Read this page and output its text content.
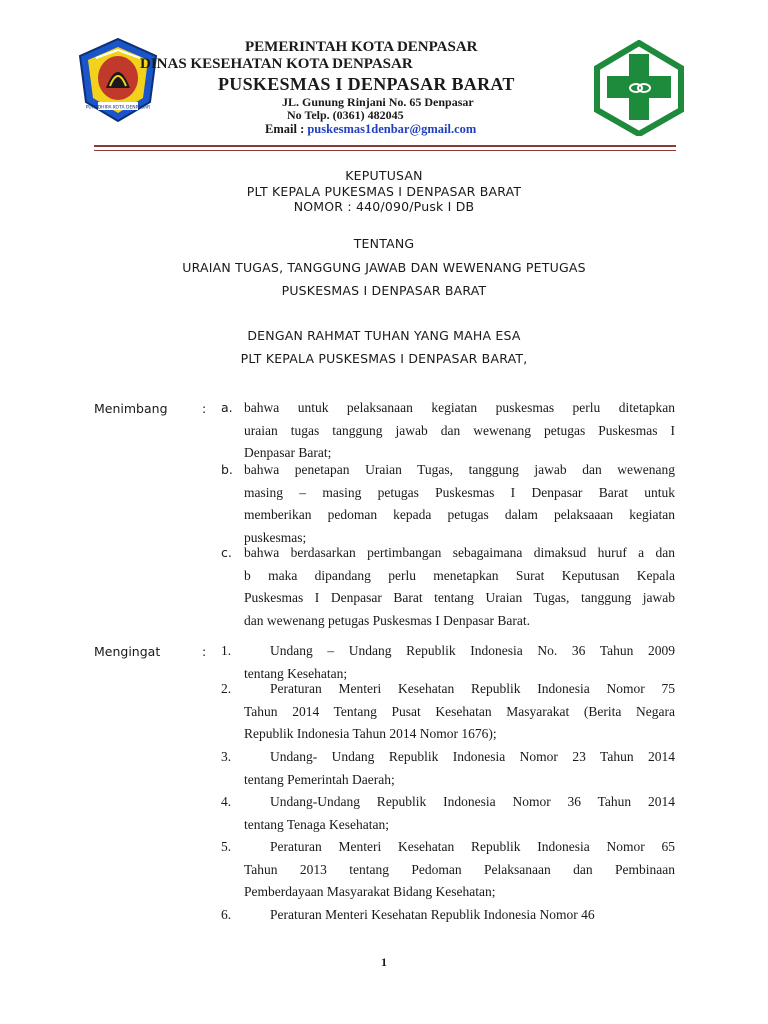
PURADHIPA KOTA DENPASAR
PEMERINTAH KOTA DENPASAR
DINAS KESEHATAN KOTA DENPASAR
PUSKESMAS I DENPASAR BARAT
JL. Gunung Rinjani No. 65 Denpasar
No Telp. (0361) 482045
Email : puskesmas1denbar@gmail.com
KEPUTUSAN
PLT KEPALA PUKESMAS I DENPASAR BARAT
NOMOR : 440/090/Pusk I DB
TENTANG
URAIAN TUGAS, TANGGUNG JAWAB DAN WEWENANG PETUGAS
PUSKESMAS I DENPASAR BARAT
DENGAN RAHMAT TUHAN YANG MAHA ESA
PLT KEPALA PUSKESMAS I DENPASAR BARAT,
Menimbang	: a. bahwa untuk pelaksanaan kegiatan puskesmas perlu ditetapkan
uraian tugas tanggung jawab dan wewenang petugas Puskesmas I
Denpasar Barat;
b. bahwa penetapan Uraian Tugas, tanggung jawab dan wewenang
masing – masing petugas Puskesmas I Denpasar Barat untuk
memberikan pedoman kepada petugas dalam pelaksaaan kegiatan
puskesmas;
c. bahwa berdasarkan pertimbangan sebagaimana dimaksud huruf a dan
b maka dipandang perlu menetapkan Surat Keputusan Kepala
Puskesmas I Denpasar Barat tentang Uraian Tugas, tanggung jawab
dan wewenang petugas Puskesmas I Denpasar Barat.
Mengingat	: 1.	Undang – Undang Republik Indonesia No. 36 Tahun 2009
tentang Kesehatan;
2.	Peraturan Menteri Kesehatan Republik Indonesia Nomor 75
Tahun 2014 Tentang Pusat Kesehatan Masyarakat (Berita Negara
Republik Indonesia Tahun 2014 Nomor 1676);
3.	Undang- Undang Republik Indonesia Nomor 23 Tahun 2014
tentang Pemerintah Daerah;
4.	Undang-Undang Republik Indonesia Nomor 36 Tahun 2014
tentang Tenaga Kesehatan;
5.	Peraturan Menteri Kesehatan Republik Indonesia Nomor 65
Tahun 2013 tentang Pedoman Pelaksanaan dan Pembinaan
Pemberdayaan Masyarakat Bidang Kesehatan;
6.	Peraturan Menteri Kesehatan Republik Indonesia Nomor 46
1
